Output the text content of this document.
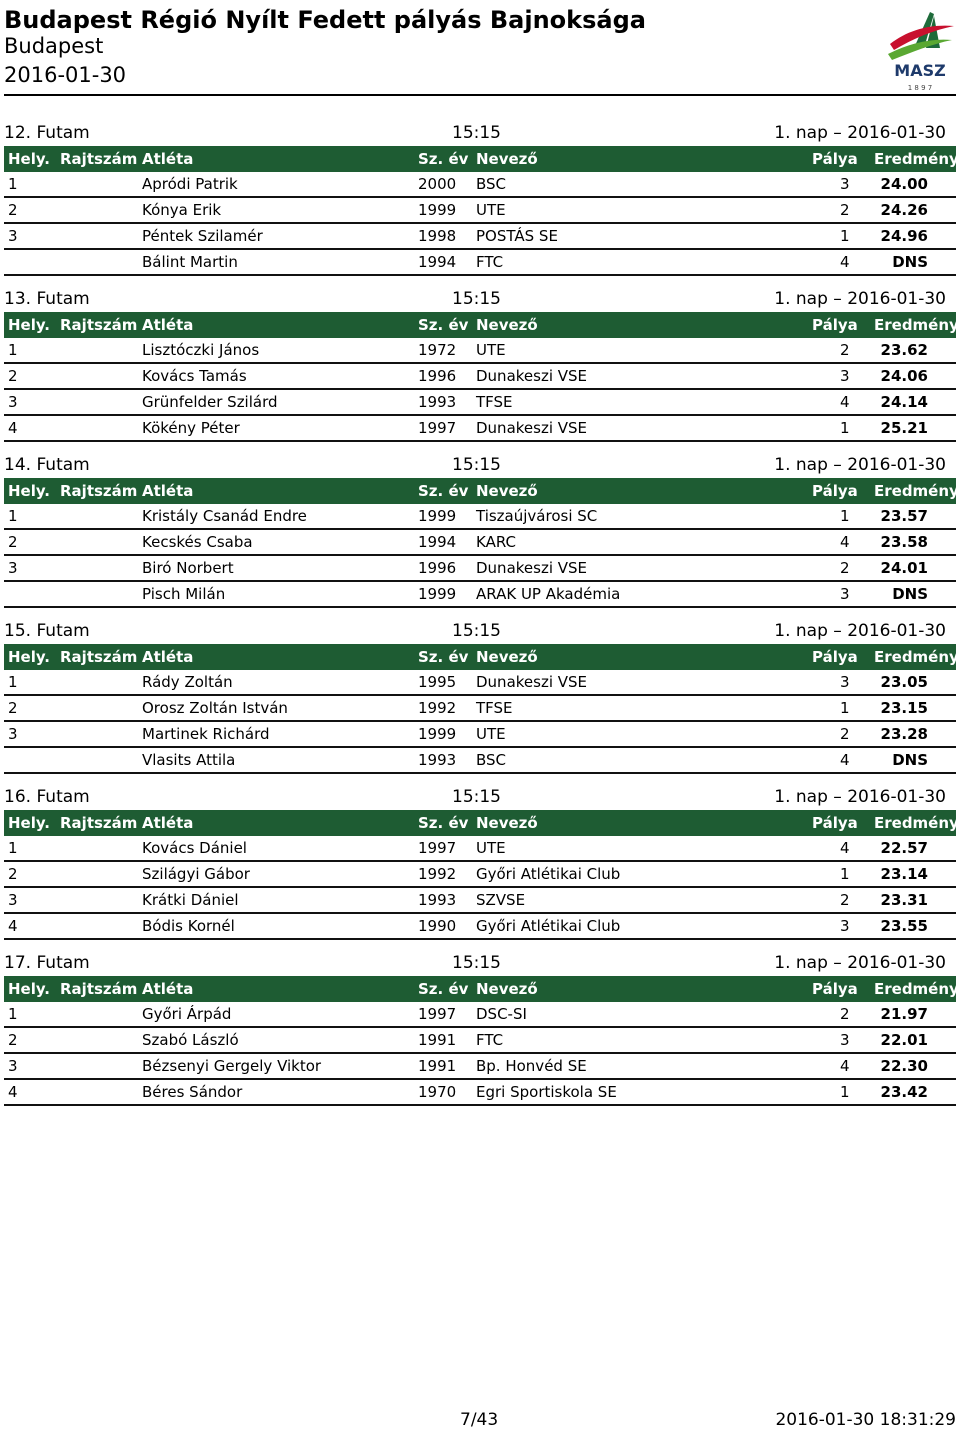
Budapest Régió Nyílt Fedett pályás Bajnoksága
Budapest
2016-01-30	MASZ
1 8 9 7
12. Futam	15:15	1. nap – 2016-01-30
Hely. Rajtszám Atléta	Sz. év Nevező	Pálya Eredmény
1	Apródi Patrik	2000 BSC	3 24.00
2	Kónya Erik	1999 UTE	2 24.26
3	Péntek Szilamér	1998 POSTÁS SE	1 24.96
Bálint Martin	1994 FTC	4	DNS
13. Futam	15:15	1. nap – 2016-01-30
Hely. Rajtszám Atléta	Sz. év Nevező	Pálya Eredmény
1	Lisztóczki János	1972 UTE	2 23.62
2	Kovács Tamás	1996 Dunakeszi VSE	3 24.06
3	Grünfelder Szilárd	1993 TFSE	4 24.14
4	Kökény Péter	1997 Dunakeszi VSE	1 25.21
14. Futam	15:15	1. nap – 2016-01-30
Hely. Rajtszám Atléta	Sz. év Nevező	Pálya Eredmény
1	Kristály Csanád Endre	1999 Tiszaújvárosi SC	1 23.57
2	Kecskés Csaba	1994 KARC	4 23.58
3	Biró Norbert	1996 Dunakeszi VSE	2 24.01
Pisch Milán	1999 ARAK UP Akadémia	3	DNS
15. Futam	15:15	1. nap – 2016-01-30
Hely. Rajtszám Atléta	Sz. év Nevező	Pálya Eredmény
1	Rády Zoltán	1995 Dunakeszi VSE	3 23.05
2	Orosz Zoltán István	1992 TFSE	1 23.15
3	Martinek Richárd	1999 UTE	2 23.28
Vlasits Attila	1993 BSC	4	DNS
16. Futam	15:15	1. nap – 2016-01-30
Hely. Rajtszám Atléta	Sz. év Nevező	Pálya Eredmény
1	Kovács Dániel	1997 UTE	4 22.57
2	Szilágyi Gábor	1992 Győri Atlétikai Club	1 23.14
3	Krátki Dániel	1993 SZVSE	2 23.31
4	Bódis Kornél	1990 Győri Atlétikai Club	3 23.55
17. Futam	15:15	1. nap – 2016-01-30
Hely. Rajtszám Atléta	Sz. év Nevező	Pálya Eredmény
1	Győri Árpád	1997 DSC-SI	2 21.97
2	Szabó László	1991 FTC	3 22.01
3	Bézsenyi Gergely Viktor	1991 Bp. Honvéd SE	4 22.30
4	Béres Sándor	1970 Egri Sportiskola SE	1 23.42
7/43	2016-01-30 18:31:29
